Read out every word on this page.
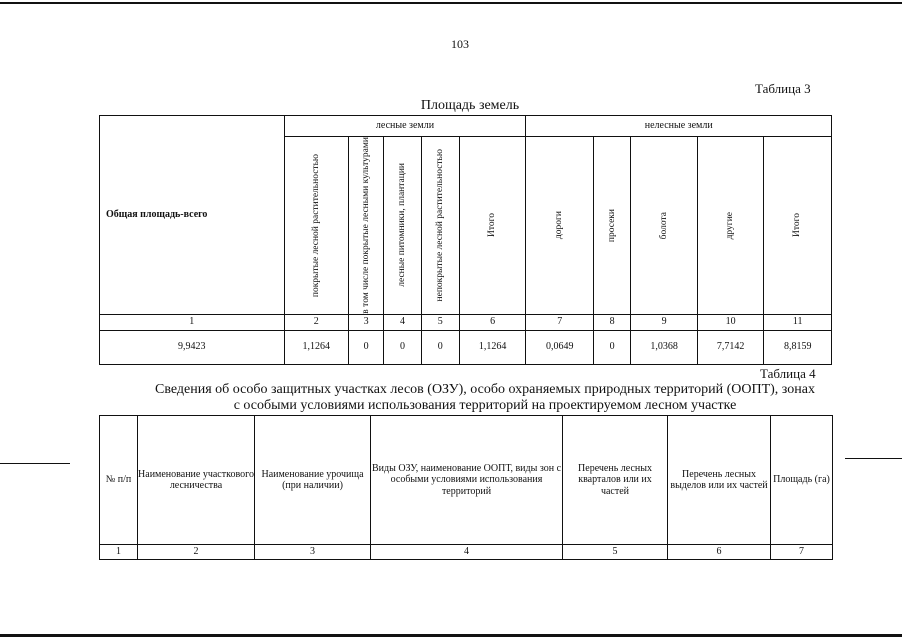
103
Таблица 3
Площадь земель
Общая площадь-всего	лесные земли					нелесные земли				

	покрытые лесной растительностью	в том числе покрытые лесными культурами	лесные питомники, плантации	непокрытые лесной растительностью	Итого	дороги	просеки	болота	другие	Итого

1	2	3	4	5	6	7	8	9	10	11
9,9423	1,1264	0	0	0	1,1264	0,0649	0	1,0368	7,7142	8,8159
Таблица 4
Сведения об особо защитных участках лесов (ОЗУ), особо охраняемых природных территорий (ООПТ), зонах
с особыми условиями использования территорий на проектируемом лесном участке
№ п/п	Наименование участкового лесничества	Наименование урочища (при наличии)	Виды ОЗУ, наименование ООПТ, виды зон с особыми условиями использования территорий	Перечень лесных кварталов или их частей	Перечень лесных выделов или их частей	Площадь (га)
1	2	3	4	5	6	7
